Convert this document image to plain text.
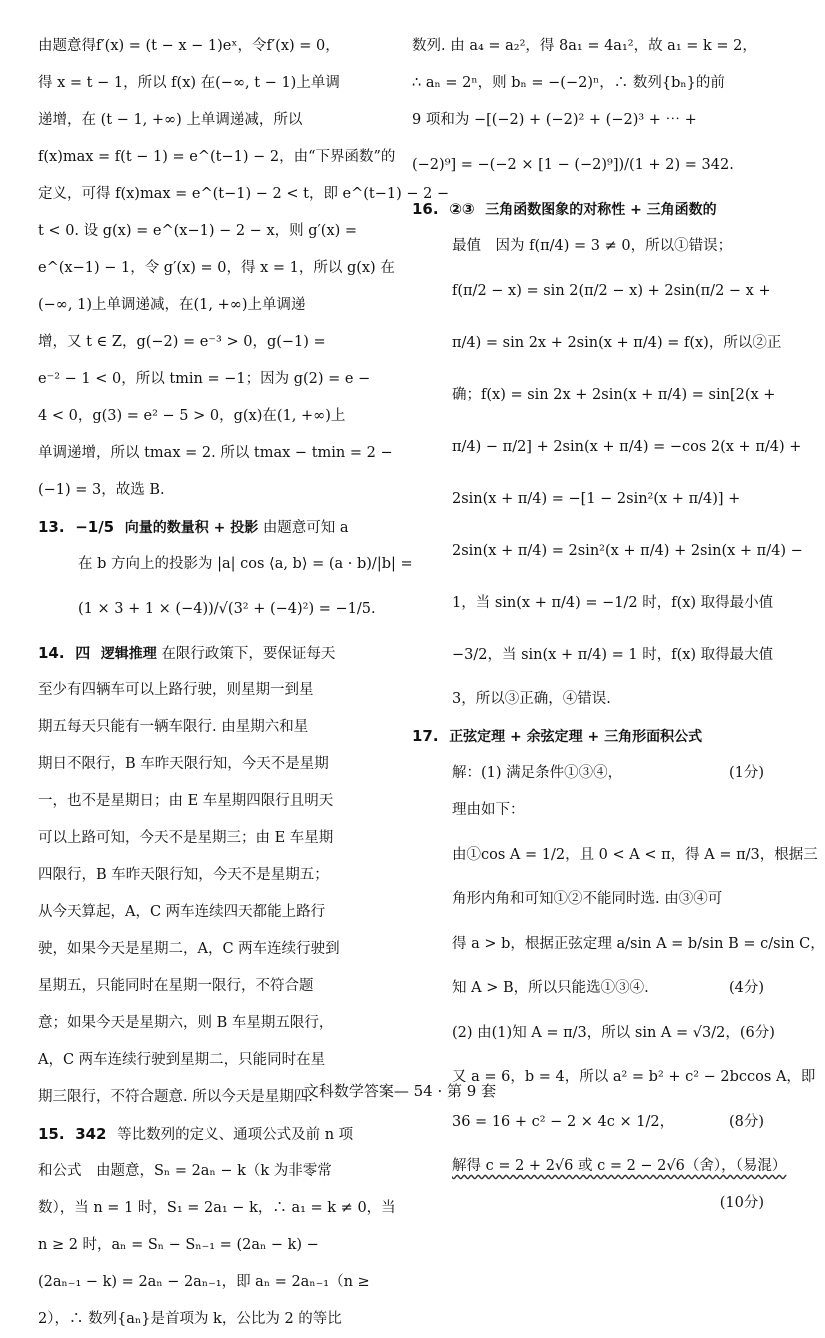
由题意得f′(x) = (t − x − 1)eˣ，令f′(x) = 0，
得 x = t − 1，所以 f(x) 在(−∞, t − 1)上单调
递增，在 (t − 1, +∞) 上单调递减，所以
f(x)max = f(t − 1) = e^(t−1) − 2，由“下界函数”的
定义，可得 f(x)max = e^(t−1) − 2 < t，即 e^(t−1) − 2 −
t < 0. 设 g(x) = e^(x−1) − 2 − x，则 g′(x) =
e^(x−1) − 1，令 g′(x) = 0，得 x = 1，所以 g(x) 在
(−∞, 1)上单调递减，在(1, +∞)上单调递
增，又 t ∈ Z，g(−2) = e⁻³ > 0，g(−1) =
e⁻² − 1 < 0，所以 tmin = −1；因为 g(2) = e −
4 < 0，g(3) = e² − 5 > 0，g(x)在(1, +∞)上
单调递增，所以 tmax = 2. 所以 tmax − tmin = 2 −
(−1) = 3，故选 B.
13. −1/5 向量的数量积 + 投影 由题意可知 a
在 b 方向上的投影为 |a| cos ⟨a, b⟩ = (a · b)/|b| =
(1 × 3 + 1 × (−4))/√(3² + (−4)²) = −1/5.
14. 四 逻辑推理 在限行政策下，要保证每天
至少有四辆车可以上路行驶，则星期一到星
期五每天只能有一辆车限行. 由星期六和星
期日不限行，B 车昨天限行知，今天不是星期
一，也不是星期日；由 E 车星期四限行且明天
可以上路可知，今天不是星期三；由 E 车星期
四限行，B 车昨天限行知，今天不是星期五；
从今天算起，A，C 两车连续四天都能上路行
驶，如果今天是星期二，A，C 两车连续行驶到
星期五，只能同时在星期一限行，不符合题
意；如果今天是星期六，则 B 车星期五限行，
A，C 两车连续行驶到星期二，只能同时在星
期三限行，不符合题意. 所以今天是星期四.
15. 342 等比数列的定义、通项公式及前 n 项
和公式　由题意，Sₙ = 2aₙ − k（k 为非零常
数），当 n = 1 时，S₁ = 2a₁ − k，∴ a₁ = k ≠ 0，当
n ≥ 2 时，aₙ = Sₙ − Sₙ₋₁ = (2aₙ − k) −
(2aₙ₋₁ − k) = 2aₙ − 2aₙ₋₁，即 aₙ = 2aₙ₋₁（n ≥
2），∴ 数列{aₙ}是首项为 k，公比为 2 的等比
数列. 由 a₄ = a₂²，得 8a₁ = 4a₁²，故 a₁ = k = 2，
∴ aₙ = 2ⁿ，则 bₙ = −(−2)ⁿ，∴ 数列{bₙ}的前
9 项和为 −[(−2) + (−2)² + (−2)³ + ⋯ +
(−2)⁹] = −(−2 × [1 − (−2)⁹])/(1 + 2) = 342.
16. ②③ 三角函数图象的对称性 + 三角函数的
最值　因为 f(π/4) = 3 ≠ 0，所以①错误；
f(π/2 − x) = sin 2(π/2 − x) + 2sin(π/2 − x +
π/4) = sin 2x + 2sin(x + π/4) = f(x)，所以②正
确；f(x) = sin 2x + 2sin(x + π/4) = sin[2(x +
π/4) − π/2] + 2sin(x + π/4) = −cos 2(x + π/4) +
2sin(x + π/4) = −[1 − 2sin²(x + π/4)] +
2sin(x + π/4) = 2sin²(x + π/4) + 2sin(x + π/4) −
1，当 sin(x + π/4) = −1/2 时，f(x) 取得最小值
−3/2，当 sin(x + π/4) = 1 时，f(x) 取得最大值
3，所以③正确，④错误.
17. 正弦定理 + 余弦定理 + 三角形面积公式
解：(1) 满足条件①③④，	(1分)
理由如下：
由①cos A = 1/2，且 0 < A < π，得 A = π/3，根据三
角形内角和可知①②不能同时选. 由③④可
得 a > b，根据正弦定理 a/sin A = b/sin B = c/sin C，
知 A > B，所以只能选①③④.	(4分)
(2) 由(1)知 A = π/3，所以 sin A = √3/2， (6分)
又 a = 6，b = 4，所以 a² = b² + c² − 2bccos A，即
36 = 16 + c² − 2 × 4c × 1/2，	(8分)
解得 c = 2 + 2√6 或 c = 2 − 2√6（舍），（易混）
(10分)
文科数学答案— 54 · 第 9 套
